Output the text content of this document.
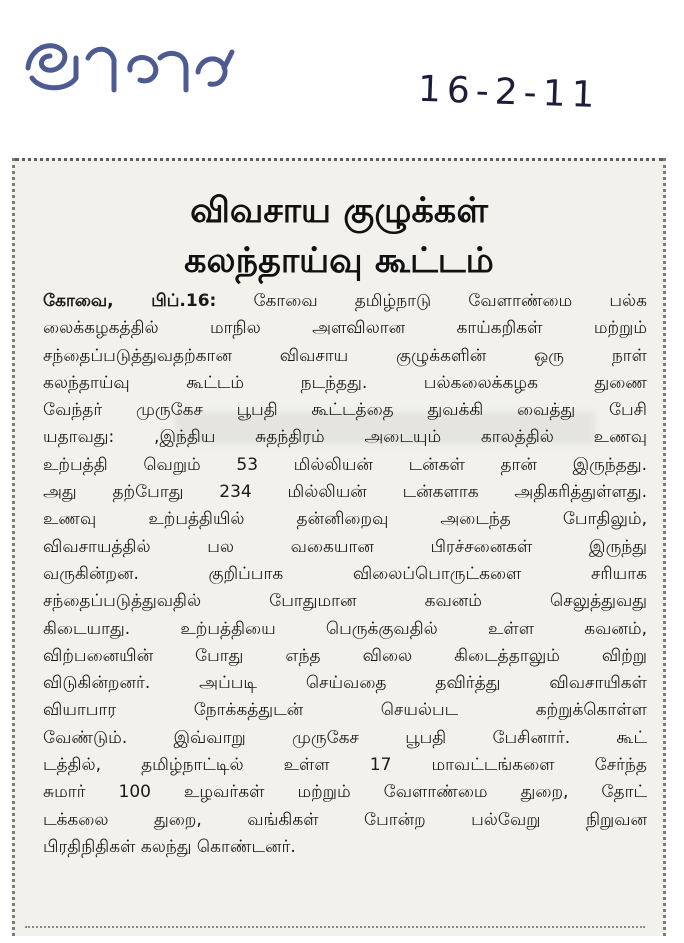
16-2-11
விவசாய குழுக்கள்
கலந்தாய்வு கூட்டம்
கோவை, பிப்.16: கோவை தமிழ்நாடு வேளாண்மை பல்க
லைக்கழகத்தில் மாநில அளவிலான காய்கறிகள் மற்றும்
சந்தைப்படுத்துவதற்கான விவசாய குழுக்களின் ஒரு நாள்
கலந்தாய்வு கூட்டம் நடந்தது. பல்கலைக்கழக துணை
வேந்தர் முருகேச பூபதி கூட்டத்தை துவக்கி வைத்து பேசி
யதாவது: ,இந்திய சுதந்திரம் அடையும் காலத்தில் உணவு
உற்பத்தி வெறும் 53 மில்லியன் டன்கள் தான் இருந்தது.
அது தற்போது 234 மில்லியன் டன்களாக அதிகரித்துள்ளது.
உணவு உற்பத்தியில் தன்னிறைவு அடைந்த போதிலும்,
விவசாயத்தில் பல வகையான பிரச்சனைகள் இருந்து
வருகின்றன. குறிப்பாக விலைப்பொருட்களை சரியாக
சந்தைப்படுத்துவதில் போதுமான கவனம் செலுத்துவது
கிடையாது. உற்பத்தியை பெருக்குவதில் உள்ள கவனம்,
விற்பனையின் போது எந்த விலை கிடைத்தாலும் விற்று
விடுகின்றனர். அப்படி செய்வதை தவிர்த்து விவசாயிகள்
வியாபார நோக்கத்துடன் செயல்பட கற்றுக்கொள்ள
வேண்டும். இவ்வாறு முருகேச பூபதி பேசினார். கூட்
டத்தில், தமிழ்நாட்டில் உள்ள 17 மாவட்டங்களை சேர்ந்த
சுமார் 100 உழவர்கள் மற்றும் வேளாண்மை துறை, தோட்
டக்கலை துறை, வங்கிகள் போன்ற பல்வேறு நிறுவன
பிரதிநிதிகள் கலந்து கொண்டனர்.
